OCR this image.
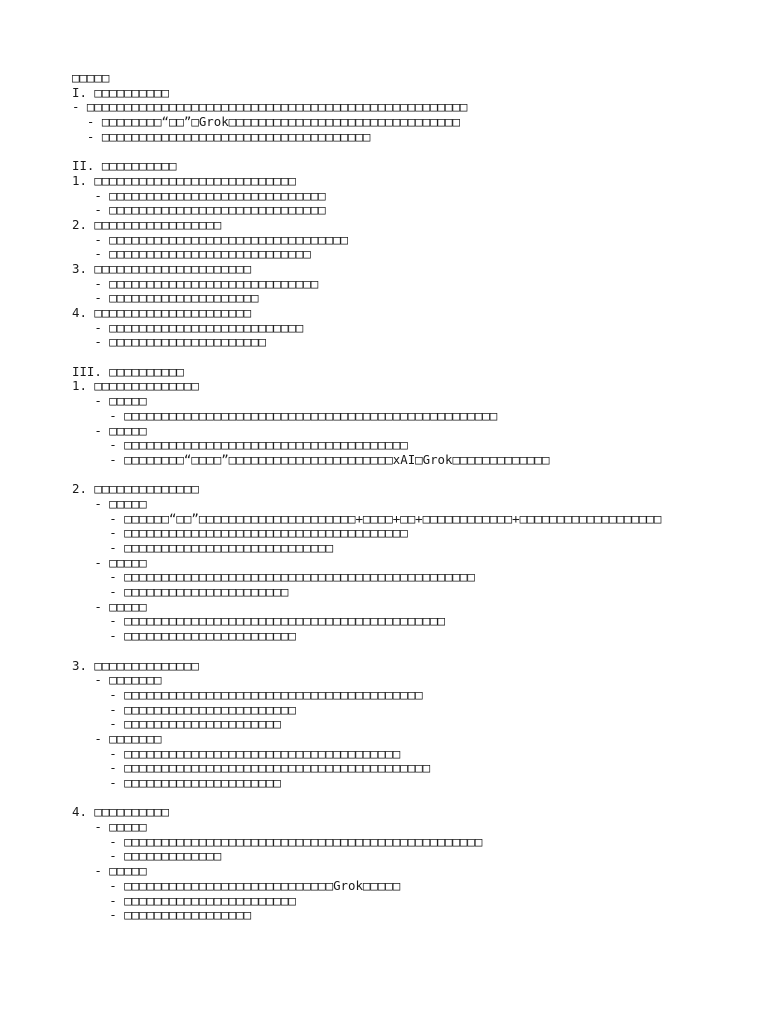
□□□□□
I. □□□□□□□□□□
- □□□□□□□□□□□□□□□□□□□□□□□□□□□□□□□□□□□□□□□□□□□□□□□□□□□
- □□□□□□□□“□□”□Grok□□□□□□□□□□□□□□□□□□□□□□□□□□□□□□□
- □□□□□□□□□□□□□□□□□□□□□□□□□□□□□□□□□□□□
II. □□□□□□□□□□
1. □□□□□□□□□□□□□□□□□□□□□□□□□□□
- □□□□□□□□□□□□□□□□□□□□□□□□□□□□□
- □□□□□□□□□□□□□□□□□□□□□□□□□□□□□
2. □□□□□□□□□□□□□□□□□
- □□□□□□□□□□□□□□□□□□□□□□□□□□□□□□□□
- □□□□□□□□□□□□□□□□□□□□□□□□□□□
3. □□□□□□□□□□□□□□□□□□□□□
- □□□□□□□□□□□□□□□□□□□□□□□□□□□□
- □□□□□□□□□□□□□□□□□□□□
4. □□□□□□□□□□□□□□□□□□□□□
- □□□□□□□□□□□□□□□□□□□□□□□□□□
- □□□□□□□□□□□□□□□□□□□□□
III. □□□□□□□□□□
1. □□□□□□□□□□□□□□
- □□□□□
- □□□□□□□□□□□□□□□□□□□□□□□□□□□□□□□□□□□□□□□□□□□□□□□□□□
- □□□□□
- □□□□□□□□□□□□□□□□□□□□□□□□□□□□□□□□□□□□□□
- □□□□□□□□“□□□□”□□□□□□□□□□□□□□□□□□□□□□xAI□Grok□□□□□□□□□□□□□
2. □□□□□□□□□□□□□□
- □□□□□
- □□□□□□“□□”□□□□□□□□□□□□□□□□□□□□□+□□□□+□□+□□□□□□□□□□□□+□□□□□□□□□□□□□□□□□□□
- □□□□□□□□□□□□□□□□□□□□□□□□□□□□□□□□□□□□□□
- □□□□□□□□□□□□□□□□□□□□□□□□□□□□
- □□□□□
- □□□□□□□□□□□□□□□□□□□□□□□□□□□□□□□□□□□□□□□□□□□□□□□
- □□□□□□□□□□□□□□□□□□□□□□
- □□□□□
- □□□□□□□□□□□□□□□□□□□□□□□□□□□□□□□□□□□□□□□□□□□
- □□□□□□□□□□□□□□□□□□□□□□□
3. □□□□□□□□□□□□□□
- □□□□□□□
- □□□□□□□□□□□□□□□□□□□□□□□□□□□□□□□□□□□□□□□□
- □□□□□□□□□□□□□□□□□□□□□□□
- □□□□□□□□□□□□□□□□□□□□□
- □□□□□□□
- □□□□□□□□□□□□□□□□□□□□□□□□□□□□□□□□□□□□□
- □□□□□□□□□□□□□□□□□□□□□□□□□□□□□□□□□□□□□□□□□
- □□□□□□□□□□□□□□□□□□□□□
4. □□□□□□□□□□
- □□□□□
- □□□□□□□□□□□□□□□□□□□□□□□□□□□□□□□□□□□□□□□□□□□□□□□□
- □□□□□□□□□□□□□
- □□□□□
- □□□□□□□□□□□□□□□□□□□□□□□□□□□□Grok□□□□□
- □□□□□□□□□□□□□□□□□□□□□□□
- □□□□□□□□□□□□□□□□□
